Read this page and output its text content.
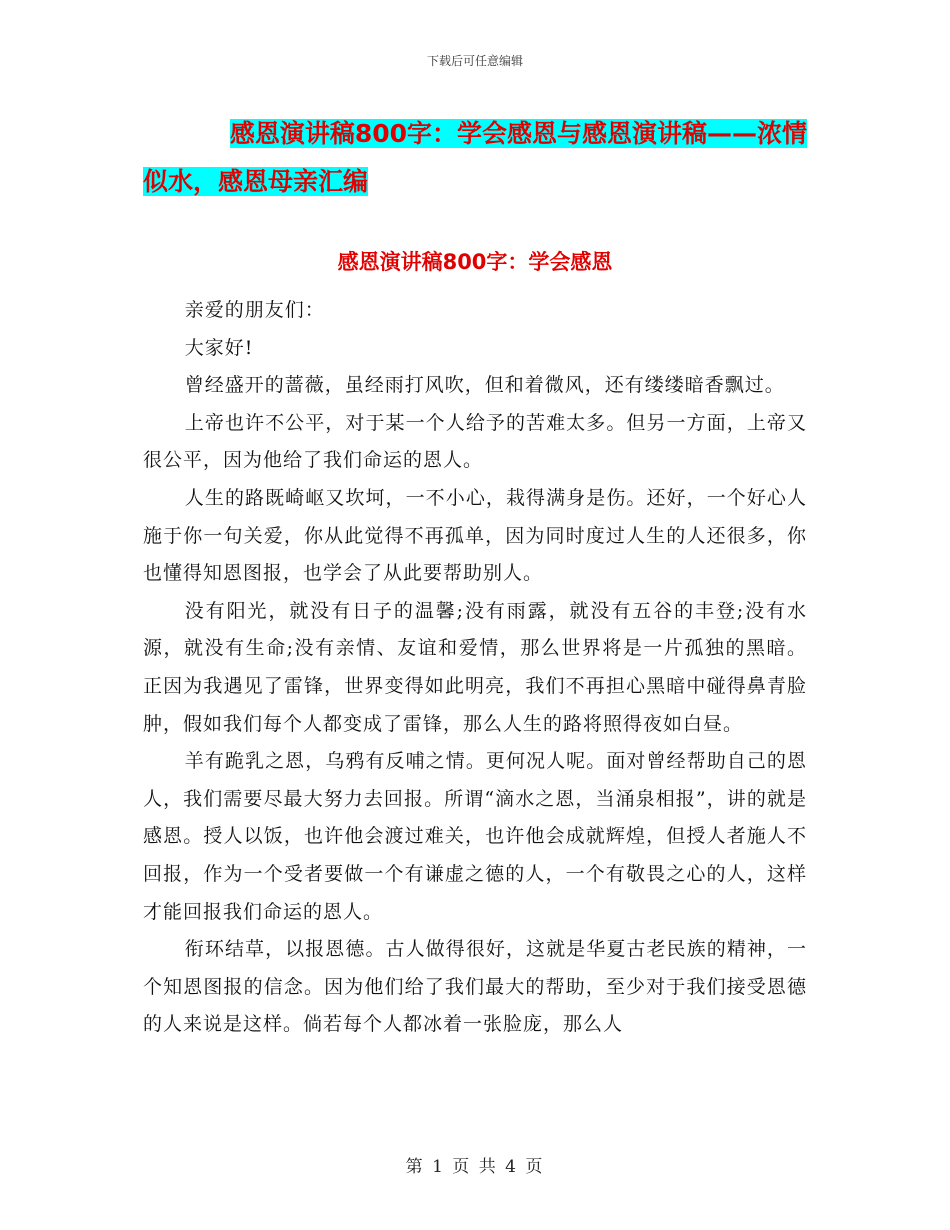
下载后可任意编辑
感恩演讲稿800字：学会感恩与感恩演讲稿——浓情
似水，感恩母亲汇编
感恩演讲稿800字：学会感恩

亲爱的朋友们：

大家好!

曾经盛开的蔷薇，虽经雨打风吹，但和着微风，还有缕缕暗香飘过。

上帝也许不公平，对于某一个人给予的苦难太多。但另一方面，上帝又很公平，因为他给了我们命运的恩人。

人生的路既崎岖又坎坷，一不小心，栽得满身是伤。还好，一个好心人施于你一句关爱，你从此觉得不再孤单，因为同时度过人生的人还很多，你也懂得知恩图报，也学会了从此要帮助别人。

没有阳光，就没有日子的温馨;没有雨露，就没有五谷的丰登;没有水源，就没有生命;没有亲情、友谊和爱情，那么世界将是一片孤独的黑暗。正因为我遇见了雷锋，世界变得如此明亮，我们不再担心黑暗中碰得鼻青脸肿，假如我们每个人都变成了雷锋，那么人生的路将照得夜如白昼。

羊有跪乳之恩，乌鸦有反哺之情。更何况人呢。面对曾经帮助自己的恩人，我们需要尽最大努力去回报。所谓“滴水之恩，当涌泉相报”，讲的就是感恩。授人以饭，也许他会渡过难关，也许他会成就辉煌，但授人者施人不回报，作为一个受者要做一个有谦虚之德的人，一个有敬畏之心的人，这样才能回报我们命运的恩人。

衔环结草，以报恩德。古人做得很好，这就是华夏古老民族的精神，一个知恩图报的信念。因为他们给了我们最大的帮助，至少对于我们接受恩德的人来说是这样。倘若每个人都冰着一张脸庞，那么人

第 1 页 共 4 页
